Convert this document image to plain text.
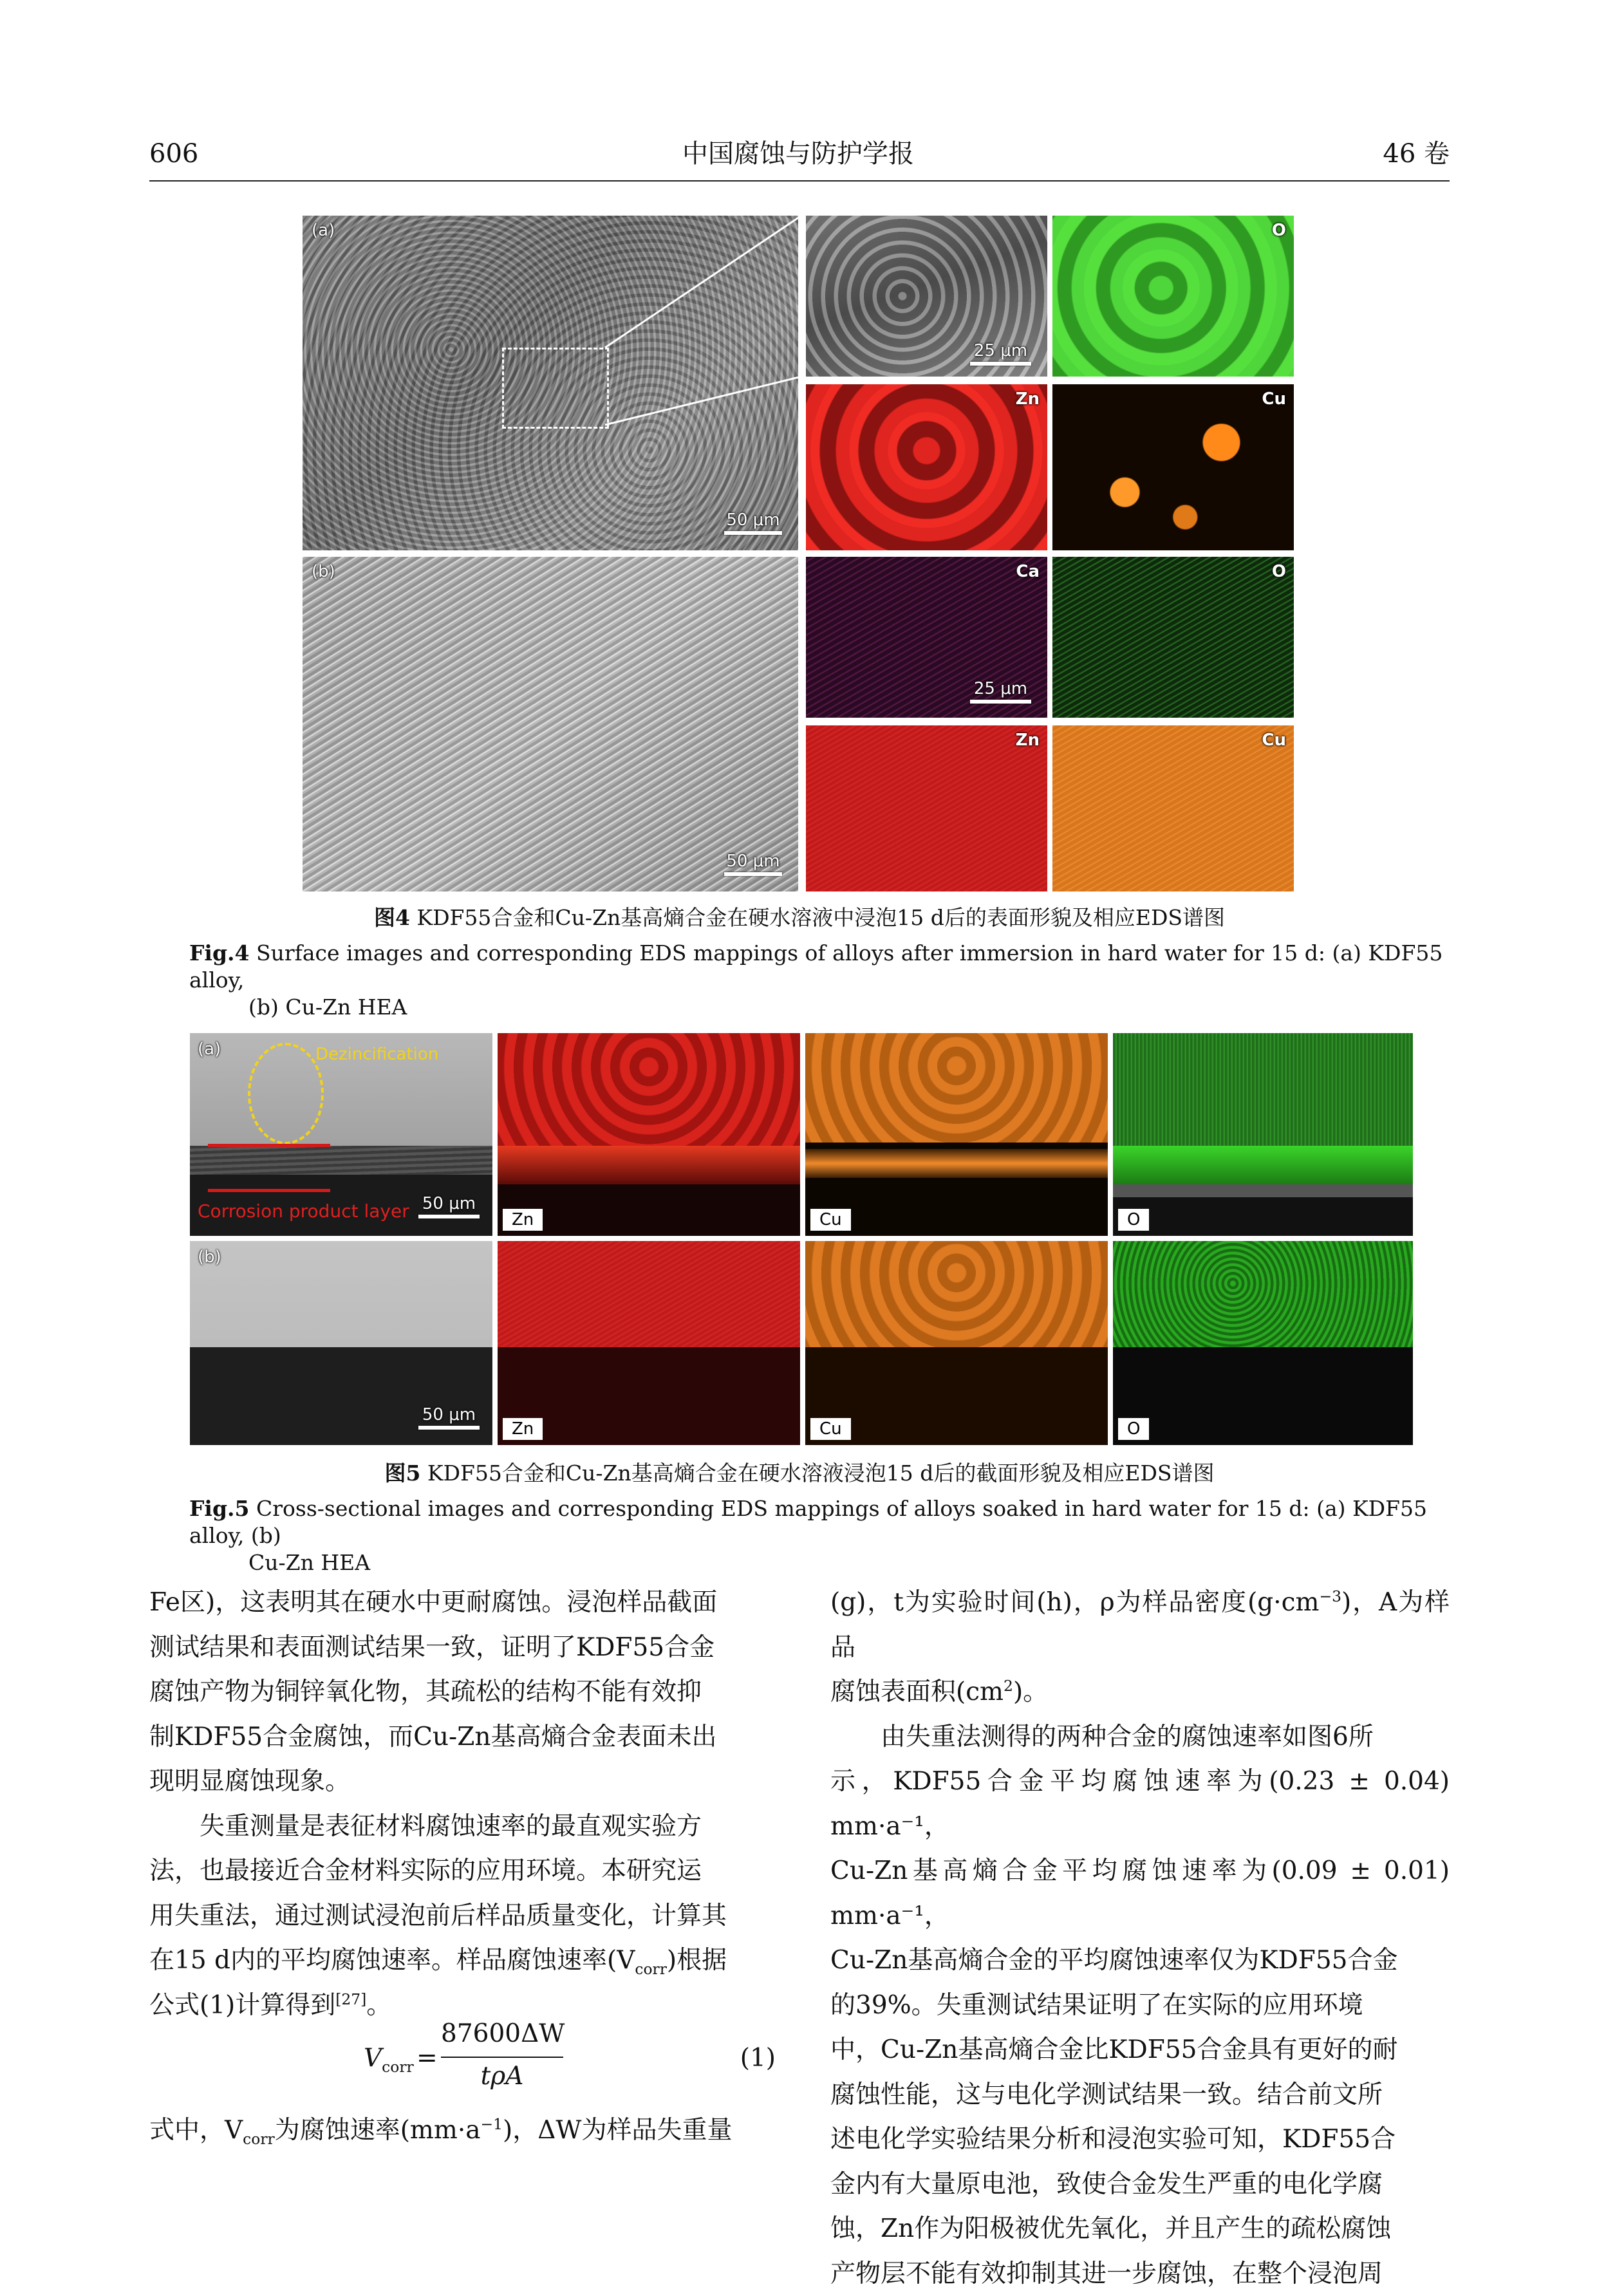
606	中国腐蚀与防护学报	46 卷
(a)
50 μm
25 μm
O
Zn	Cu
(b)
50 μm
Ca
25 μm
O
Zn	Cu
图4 KDF55合金和Cu-Zn基高熵合金在硬水溶液中浸泡15 d后的表面形貌及相应EDS谱图
Fig.4 Surface images and corresponding EDS mappings of alloys after immersion in hard water for 15 d: (a) KDF55 alloy,
(b) Cu-Zn HEA
(a)	Dezincification
Corrosion product layer 50 μm
Zn	Cu	O
(b)
50 μm
Zn	Cu	O
图5 KDF55合金和Cu-Zn基高熵合金在硬水溶液浸泡15 d后的截面形貌及相应EDS谱图
Fig.5 Cross-sectional images and corresponding EDS mappings of alloys soaked in hard water for 15 d: (a) KDF55 alloy, (b)
Cu-Zn HEA

Fe区)，这表明其在硬水中更耐腐蚀。浸泡样品截面

测试结果和表面测试结果一致，证明了KDF55合金

腐蚀产物为铜锌氧化物，其疏松的结构不能有效抑

制KDF55合金腐蚀，而Cu-Zn基高熵合金表面未出

现明显腐蚀现象。

失重测量是表征材料腐蚀速率的最直观实验方

法，也最接近合金材料实际的应用环境。本研究运

用失重法，通过测试浸泡前后样品质量变化，计算其

在15 d内的平均腐蚀速率。样品腐蚀速率$(V_{corr})$根据

公式(1)计算得到[27]。

$V_{corr}$ =
87600ΔW
tρA
(1)

式中，$V_{corr}$为腐蚀速率$(mm\cdot a^{-1})$，ΔW为样品失重量

(g)，t为实验时间(h)，ρ为样品密度$(g\cdot cm^{-3})$，A为样品

腐蚀表面积$(cm^2)$。

由失重法测得的两种合金的腐蚀速率如图6所

示，KDF55合金平均腐蚀速率为(0.23 ± 0.04) mm·a⁻¹，

Cu-Zn基高熵合金平均腐蚀速率为(0.09 ± 0.01) mm·a⁻¹，

Cu-Zn基高熵合金的平均腐蚀速率仅为KDF55合金

的39%。失重测试结果证明了在实际的应用环境

中，Cu-Zn基高熵合金比KDF55合金具有更好的耐

腐蚀性能，这与电化学测试结果一致。结合前文所

述电化学实验结果分析和浸泡实验可知，KDF55合

金内有大量原电池，致使合金发生严重的电化学腐

蚀，Zn作为阳极被优先氧化，并且产生的疏松腐蚀

产物层不能有效抑制其进一步腐蚀，在整个浸泡周
